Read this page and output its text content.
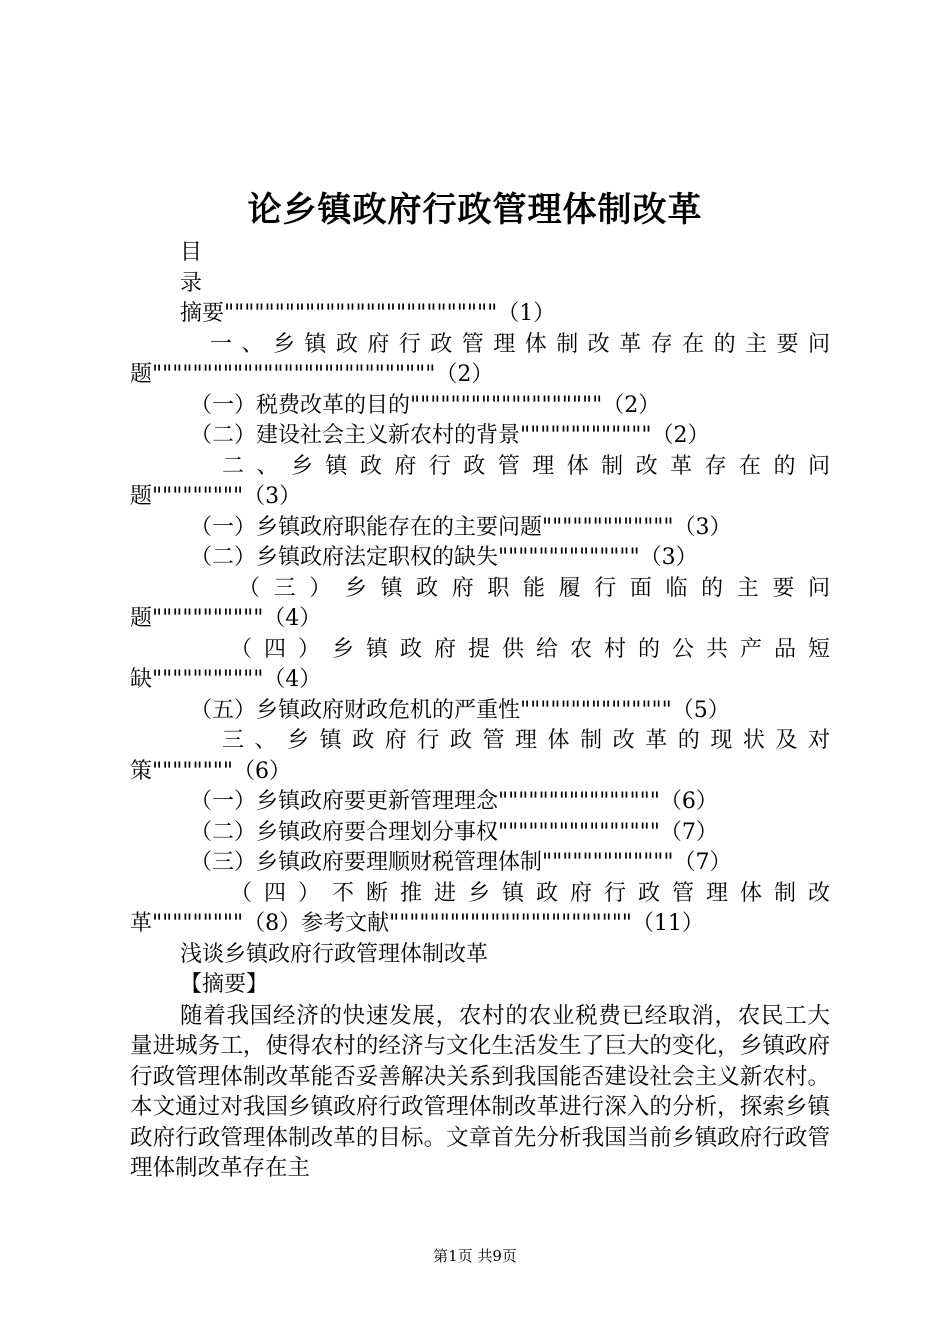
论乡镇政府行政管理体制改革
目
录
摘要"""""""""""""""""""""""""""（1）
一、乡镇政府行政管理体制改革存在的主要问
题""""""""""""""""""""""""""""（2）
（一）税费改革的目的"""""""""""""""""""（2）
（二）建设社会主义新农村的背景"""""""""""""（2）
二、乡镇政府行政管理体制改革存在的问
题"""""""""（3）
（一）乡镇政府职能存在的主要问题"""""""""""""（3）
（二）乡镇政府法定职权的缺失""""""""""""""（3）
（三）乡镇政府职能履行面临的主要问
题"""""""""""（4）
（四）乡镇政府提供给农村的公共产品短
缺"""""""""""（4）
（五）乡镇政府财政危机的严重性"""""""""""""""（5）
三、乡镇政府行政管理体制改革的现状及对
策""""""""（6）
（一）乡镇政府要更新管理理念""""""""""""""""（6）
（二）乡镇政府要合理划分事权""""""""""""""""（7）
（三）乡镇政府要理顺财税管理体制"""""""""""""（7）
（四）不断推进乡镇政府行政管理体制改
革"""""""""（8）参考文献""""""""""""""""""""""""（11）
浅谈乡镇政府行政管理体制改革
【摘要】
随着我国经济的快速发展，农村的农业税费已经取消，农民工大量进城务工，使得农村的经济与文化生活发生了巨大的变化，乡镇政府行政管理体制改革能否妥善解决关系到我国能否建设社会主义新农村。本文通过对我国乡镇政府行政管理体制改革进行深入的分析，探索乡镇政府行政管理体制改革的目标。文章首先分析我国当前乡镇政府行政管理体制改革存在主
第1页 共9页
